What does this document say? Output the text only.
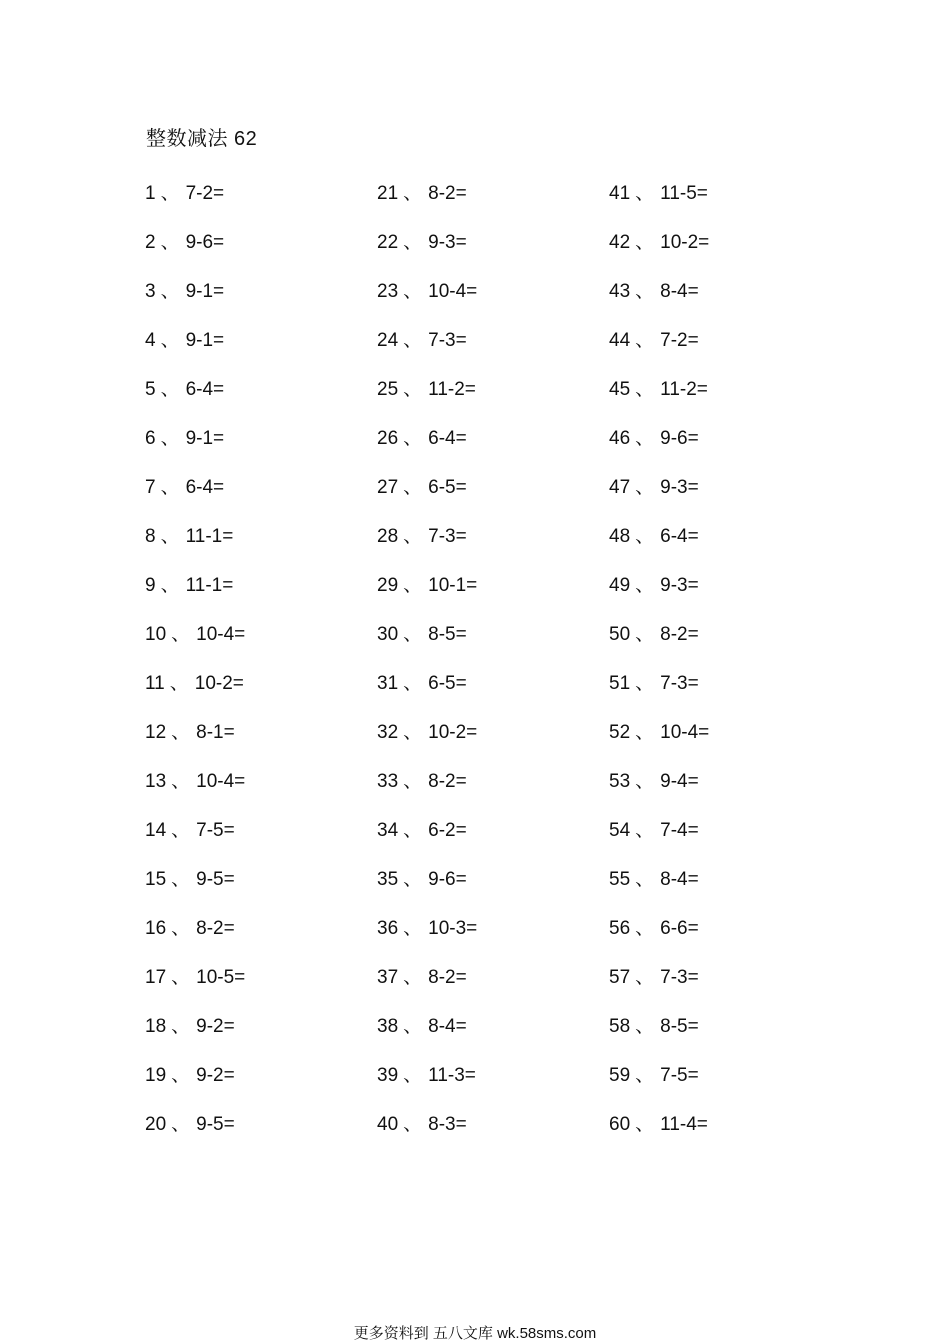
整数减法 62
1 、 7-2=
2 、 9-6=
3 、 9-1=
4 、 9-1=
5 、 6-4=
6 、 9-1=
7 、 6-4=
8 、 11-1=
9 、 11-1=
10 、 10-4=
11 、 10-2=
12 、 8-1=
13 、 10-4=
14 、 7-5=
15 、 9-5=
16 、 8-2=
17 、 10-5=
18 、 9-2=
19 、 9-2=
20 、 9-5=
21 、 8-2=
22 、 9-3=
23 、 10-4=
24 、 7-3=
25 、 11-2=
26 、 6-4=
27 、 6-5=
28 、 7-3=
29 、 10-1=
30 、 8-5=
31 、 6-5=
32 、 10-2=
33 、 8-2=
34 、 6-2=
35 、 9-6=
36 、 10-3=
37 、 8-2=
38 、 8-4=
39 、 11-3=
40 、 8-3=
41 、 11-5=
42 、 10-2=
43 、 8-4=
44 、 7-2=
45 、 11-2=
46 、 9-6=
47 、 9-3=
48 、 6-4=
49 、 9-3=
50 、 8-2=
51 、 7-3=
52 、 10-4=
53 、 9-4=
54 、 7-4=
55 、 8-4=
56 、 6-6=
57 、 7-3=
58 、 8-5=
59 、 7-5=
60 、 11-4=
更多资料到 五八文库 wk.58sms.com
